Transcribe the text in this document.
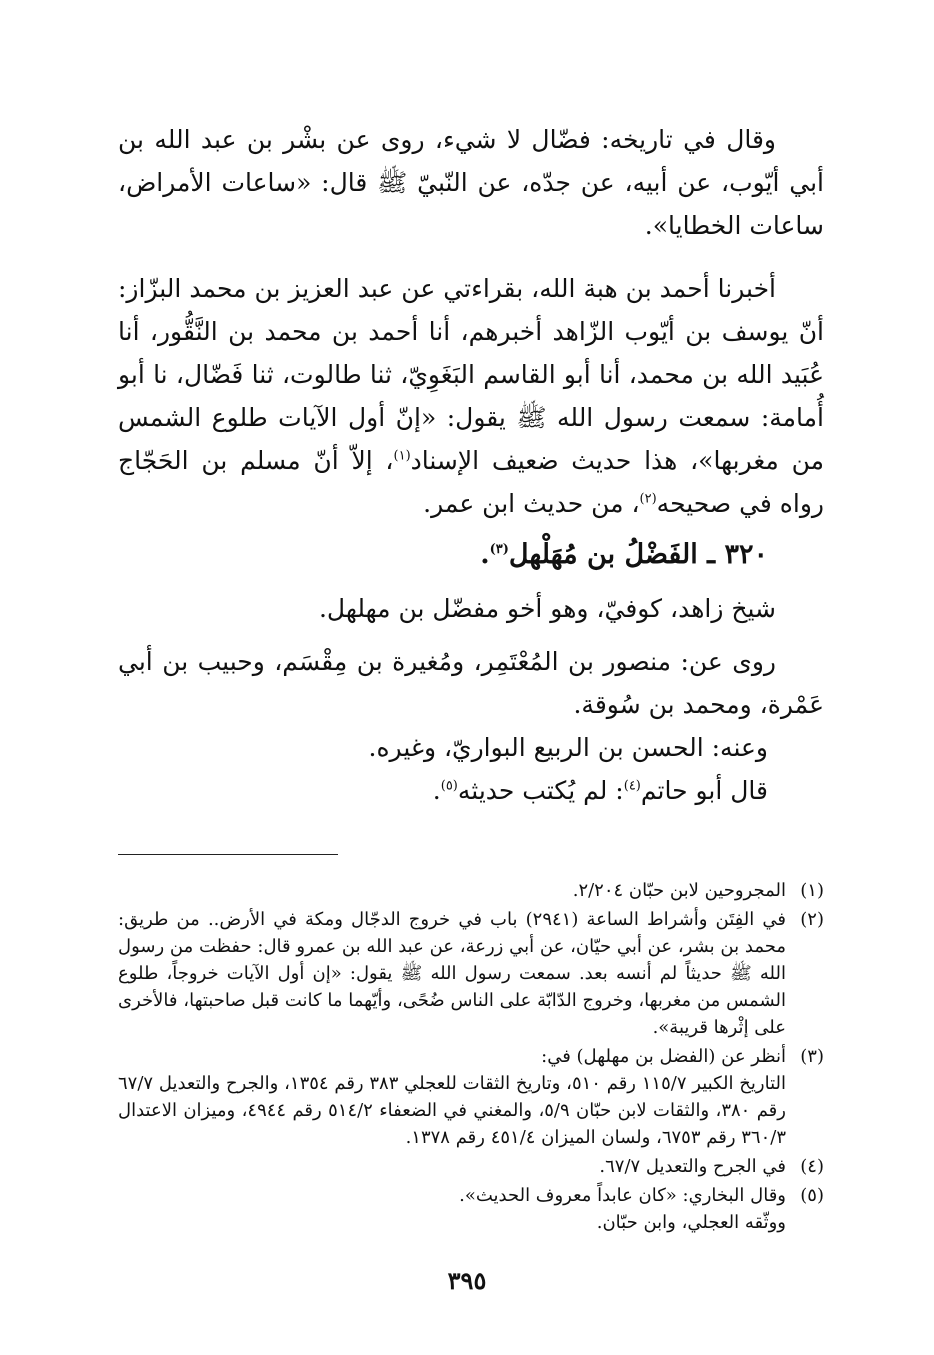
وقال في تاريخه: فضّال لا شيء، روى عن بشْر بن عبد الله بن أبي أيّوب، عن أبيه، عن جدّه، عن النّبيّ ﷺ قال: «ساعات الأمراض، ساعات الخطايا».

أخبرنا أحمد بن هبة الله، بقراءتي عن عبد العزيز بن محمد البزّاز: أنّ يوسف بن أيّوب الزّاهد أخبرهم، أنا أحمد بن محمد بن النَّقُّور، أنا عُبَيد الله بن محمد، أنا أبو القاسم البَغَوِيّ، ثنا طالوت، ثنا فَضّال، نا أبو أُمامة: سمعت رسول الله ﷺ يقول: «إنّ أول الآيات طلوع الشمس من مغربها»، هذا حديث ضعيف الإسناد$^{(١)}$، إلاّ أنّ مسلم بن الحَجّاج رواه في صحيحه$^{(٢)}$، من حديث ابن عمر.

٣٢٠ ـ الفَضْلُ بن مُهَلْهل$^{(٣)}$.

شيخ زاهد، كوفيّ، وهو أخو مفضّل بن مهلهل.

روى عن: منصور بن المُعْتَمِر، ومُغيرة بن مِقْسَم، وحبيب بن أبي عَمْرة، ومحمد بن سُوقة.

وعنه: الحسن بن الربيع البواريّ، وغيره.

قال أبو حاتم$^{(٤)}$: لم يُكتب حديثه$^{(٥)}$.

(١)
المجروحين لابن حبّان ٢/٢٠٤.
(٢)
في الفِتَن وأشراط الساعة (٢٩٤١) باب في خروج الدجّال ومكة في الأرض.. من طريق: محمد بن بشر، عن أبي حيّان، عن أبي زرعة، عن عبد الله بن عمرو قال: حفظت من رسول الله ﷺ حديثاً لم أنسه بعد. سمعت رسول الله ﷺ يقول: «إن أول الآيات خروجاً، طلوع الشمس من مغربها، وخروج الدّابّة على الناس ضُحًى، وأيّهما ما كانت قبل صاحبتها، فالأخرى على إثْرها قريبة».
(٣)
أنظر عن (الفضل بن مهلهل) في:
التاريخ الكبير ١١٥/٧ رقم ٥١٠، وتاريخ الثقات للعجلي ٣٨٣ رقم ١٣٥٤، والجرح والتعديل ٦٧/٧ رقم ٣٨٠، والثقات لابن حبّان ٥/٩، والمغني في الضعفاء ٥١٤/٢ رقم ٤٩٤٤، وميزان الاعتدال ٣٦٠/٣ رقم ٦٧٥٣، ولسان الميزان ٤٥١/٤ رقم ١٣٧٨.
(٤)
في الجرح والتعديل ٦٧/٧.
(٥)
وقال البخاري: «كان عابداً معروف الحديث».
ووثّقه العجلي، وابن حبّان.
٣٩٥
